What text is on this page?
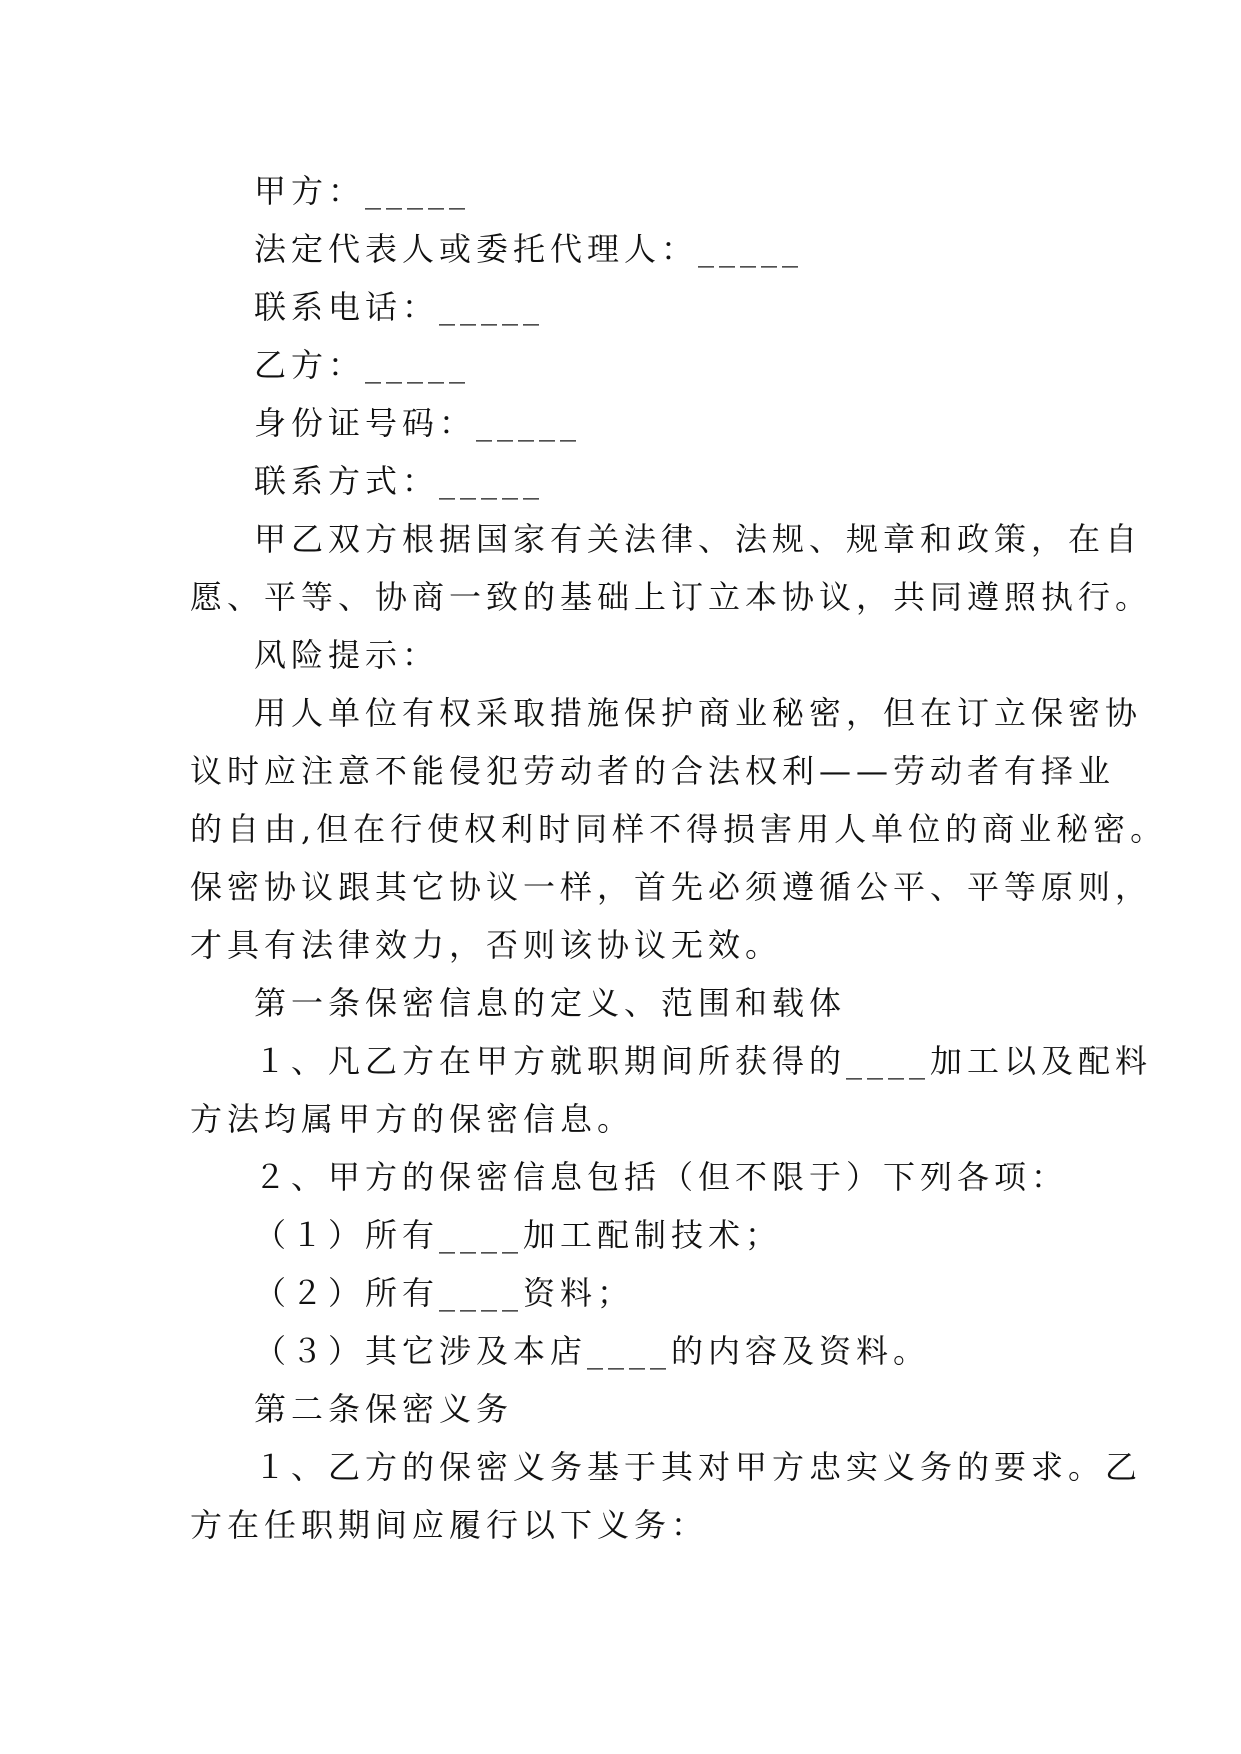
甲方：_____

法定代表人或委托代理人：_____

联系电话：_____

乙方：_____

身份证号码：_____

联系方式：_____

甲乙双方根据国家有关法律、法规、规章和政策，在自

愿、平等、协商一致的基础上订立本协议，共同遵照执行。

风险提示：

用人单位有权采取措施保护商业秘密，但在订立保密协

议时应注意不能侵犯劳动者的合法权利——劳动者有择业

的自由,但在行使权利时同样不得损害用人单位的商业秘密。

保密协议跟其它协议一样，首先必须遵循公平、平等原则，

才具有法律效力，否则该协议无效。

第一条保密信息的定义、范围和载体

１、凡乙方在甲方就职期间所获得的____加工以及配料

方法均属甲方的保密信息。

２、甲方的保密信息包括（但不限于）下列各项：

（１）所有____加工配制技术；

（２）所有____资料；

（３）其它涉及本店____的内容及资料。

第二条保密义务

１、乙方的保密义务基于其对甲方忠实义务的要求。乙

方在任职期间应履行以下义务：
